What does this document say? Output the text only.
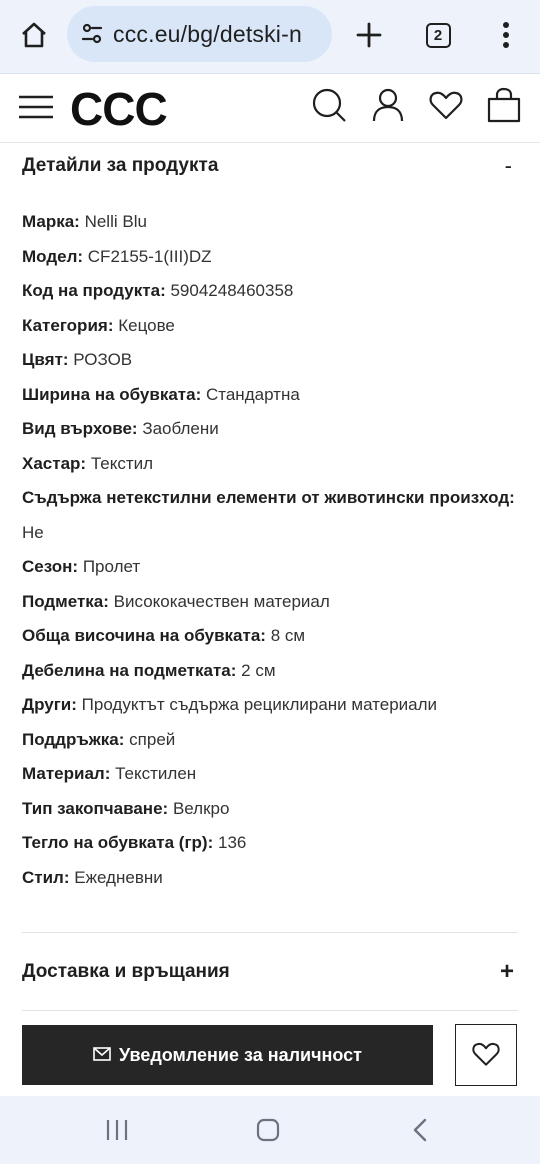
ccc.eu/bg/detski-n	2
CCC
Детайли за продукта	-
Марка : Nelli Blu
Модел : CF2155-1(III)DZ
Код на продукта : 5904248460358
Категория : Кецове
Цвят : РОЗОВ
Ширина на обувката : Стандартна
Вид върхове : Заоблени
Хастар : Текстил
Съдържа нетекстилни елементи от животински произход : Не
Сезон : Пролет
Подметка : Висококачествен материал
Обща височина на обувката : 8 см
Дебелина на подметката : 2 см
Други : Продуктът съдържа рециклирани материали
Поддръжка : спрей
Материал : Текстилен
Тип закопчаване : Велкро
Тегло на обувката (гр) : 136
Стил : Ежедневни
Доставка и връщания	+
Уведомление за наличност
